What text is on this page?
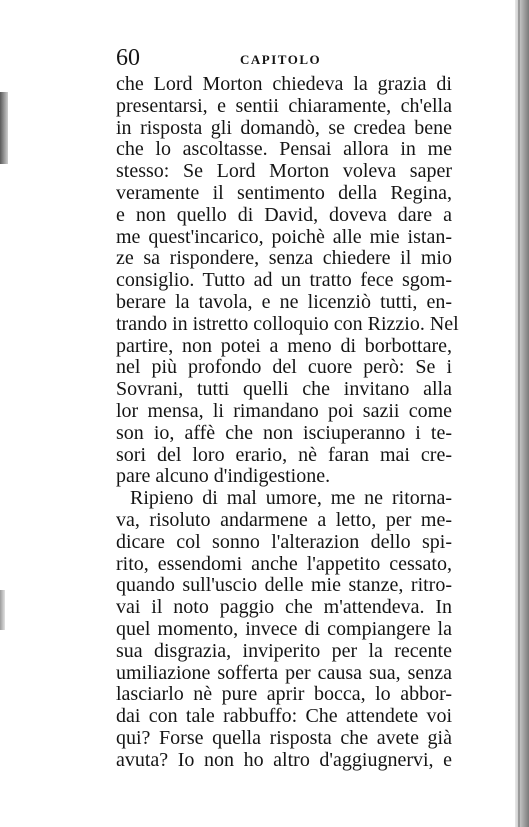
60	CAPITOLO
che Lord Morton chiedeva la grazia di
presentarsi, e sentii chiaramente, ch'ella
in risposta gli domandò, se credea bene
che lo ascoltasse. Pensai allora in me
stesso: Se Lord Morton voleva saper
veramente il sentimento della Regina,
e non quello di David, doveva dare a
me quest'incarico, poichè alle mie istan-
ze sa rispondere, senza chiedere il mio
consiglio. Tutto ad un tratto fece sgom-
berare la tavola, e ne licenziò tutti, en-
trando in istretto colloquio con Rizzio. Nel
partire, non potei a meno di borbottare,
nel più profondo del cuore però: Se i
Sovrani, tutti quelli che invitano alla
lor mensa, li rimandano poi sazii come
son io, affè che non isciuperanno i te-
sori del loro erario, nè faran mai cre-
pare alcuno d'indigestione.
Ripieno di mal umore, me ne ritorna-
va, risoluto andarmene a letto, per me-
dicare col sonno l'alterazion dello spi-
rito, essendomi anche l'appetito cessato,
quando sull'uscio delle mie stanze, ritro-
vai il noto paggio che m'attendeva. In
quel momento, invece di compiangere la
sua disgrazia, inviperito per la recente
umiliazione sofferta per causa sua, senza
lasciarlo nè pure aprir bocca, lo abbor-
dai con tale rabbuffo: Che attendete voi
qui? Forse quella risposta che avete già
avuta? Io non ho altro d'aggiugnervi, e
